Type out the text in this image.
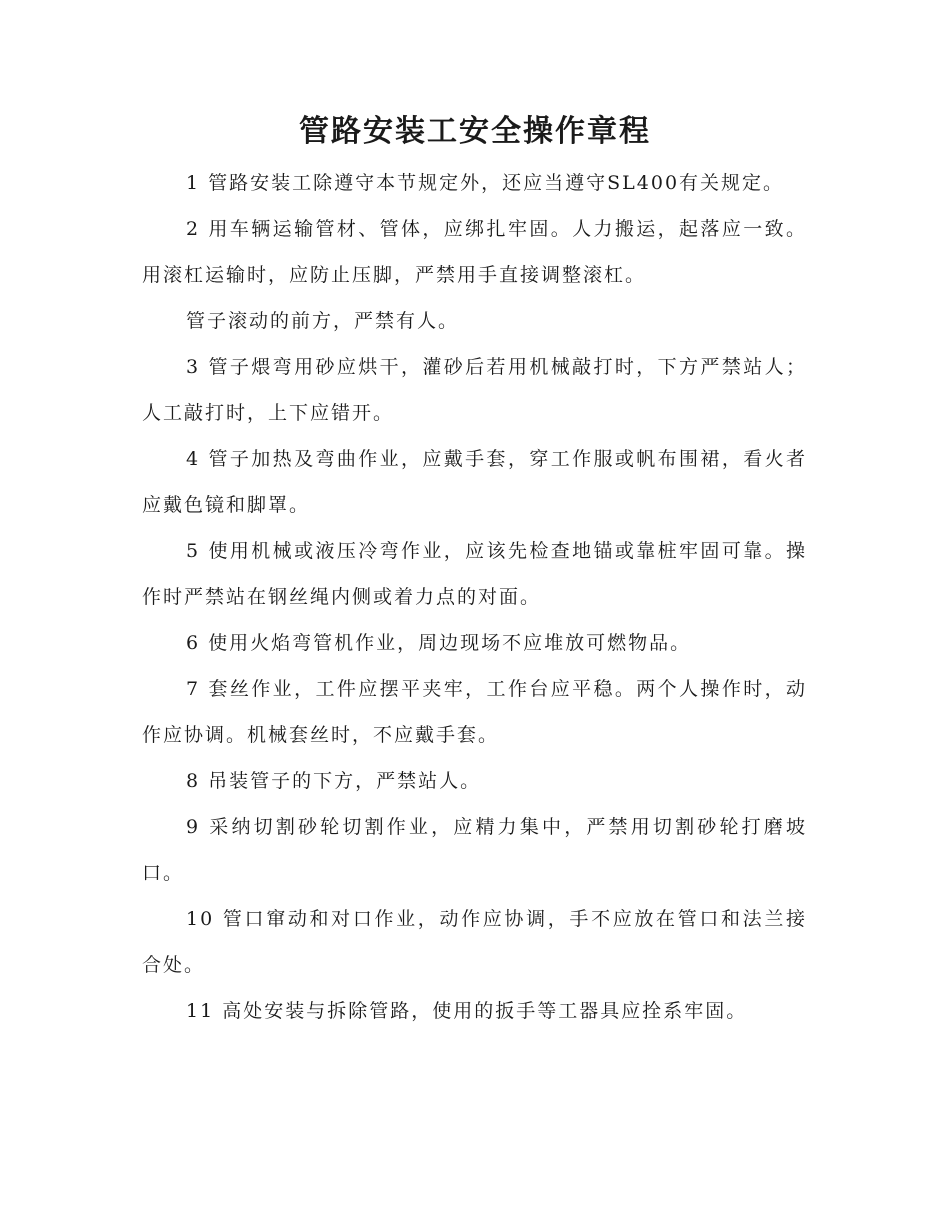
管路安装工安全操作章程

1 管路安装工除遵守本节规定外，还应当遵守SL400有关规定。

2 用车辆运输管材、管体，应绑扎牢固。人力搬运，起落应一致。用滚杠运输时，应防止压脚，严禁用手直接调整滚杠。

管子滚动的前方，严禁有人。

3 管子煨弯用砂应烘干，灌砂后若用机械敲打时，下方严禁站人；人工敲打时，上下应错开。

4 管子加热及弯曲作业，应戴手套，穿工作服或帆布围裙，看火者应戴色镜和脚罩。

5 使用机械或液压冷弯作业，应该先检查地锚或靠桩牢固可靠。操作时严禁站在钢丝绳内侧或着力点的对面。

6 使用火焰弯管机作业，周边现场不应堆放可燃物品。

7 套丝作业，工件应摆平夹牢，工作台应平稳。两个人操作时，动作应协调。机械套丝时，不应戴手套。

8 吊装管子的下方，严禁站人。

9 采纳切割砂轮切割作业，应精力集中，严禁用切割砂轮打磨坡口。

10 管口窜动和对口作业，动作应协调，手不应放在管口和法兰接合处。

11 高处安装与拆除管路，使用的扳手等工器具应拴系牢固。
